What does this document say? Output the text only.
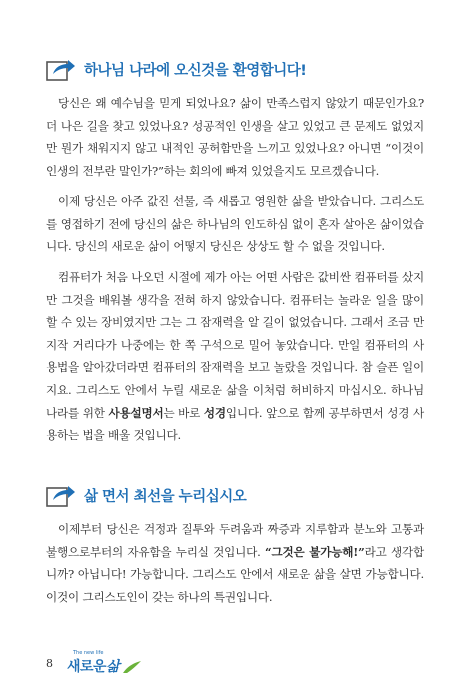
하나님 나라에 오신것을 환영합니다!

당신은 왜 예수님을 믿게 되었나요? 삶이 만족스럽지 않았기 때문인가요? 더 나은 길을 찾고 있었나요? 성공적인 인생을 살고 있었고 큰 문제도 없었지만 뭔가 채워지지 않고 내적인 공허함만을 느끼고 있었나요? 아니면 “이것이 인생의 전부란 말인가?”하는 회의에 빠져 있었을지도 모르겠습니다.

이제 당신은 아주 값진 선물, 즉 새롭고 영원한 삶을 받았습니다. 그리스도를 영접하기 전에 당신의 삶은 하나님의 인도하심 없이 혼자 살아온 삶이었습니다. 당신의 새로운 삶이 어떻지 당신은 상상도 할 수 없을 것입니다.

컴퓨터가 처음 나오던 시절에 제가 아는 어떤 사람은 값비싼 컴퓨터를 샀지만 그것을 배워볼 생각을 전혀 하지 않았습니다. 컴퓨터는 놀라운 일을 많이 할 수 있는 장비였지만 그는 그 잠재력을 알 길이 없었습니다. 그래서 조금 만지작 거리다가 나중에는 한 쪽 구석으로 밀어 놓았습니다. 만일 컴퓨터의 사용법을 알아갔더라면 컴퓨터의 잠재력을 보고 놀랐을 것입니다. 참 슬픈 일이지요. 그리스도 안에서 누릴 새로운 삶을 이처럼 허비하지 마십시오. 하나님나라를 위한 사용설명서는 바로 성경입니다. 앞으로 함께 공부하면서 성경 사용하는 법을 배울 것입니다.

삶 면서 최선을 누리십시오

이제부터 당신은 걱정과 질투와 두려움과 짜증과 지루함과 분노와 고통과 불행으로부터의 자유함을 누리실 것입니다. “그것은 불가능해!”라고 생각합니까? 아닙니다! 가능합니다. 그리스도 안에서 새로운 삶을 살면 가능합니다. 이것이 그리스도인이 갖는 하나의 특권입니다.

8
The new life
새로운 삶
